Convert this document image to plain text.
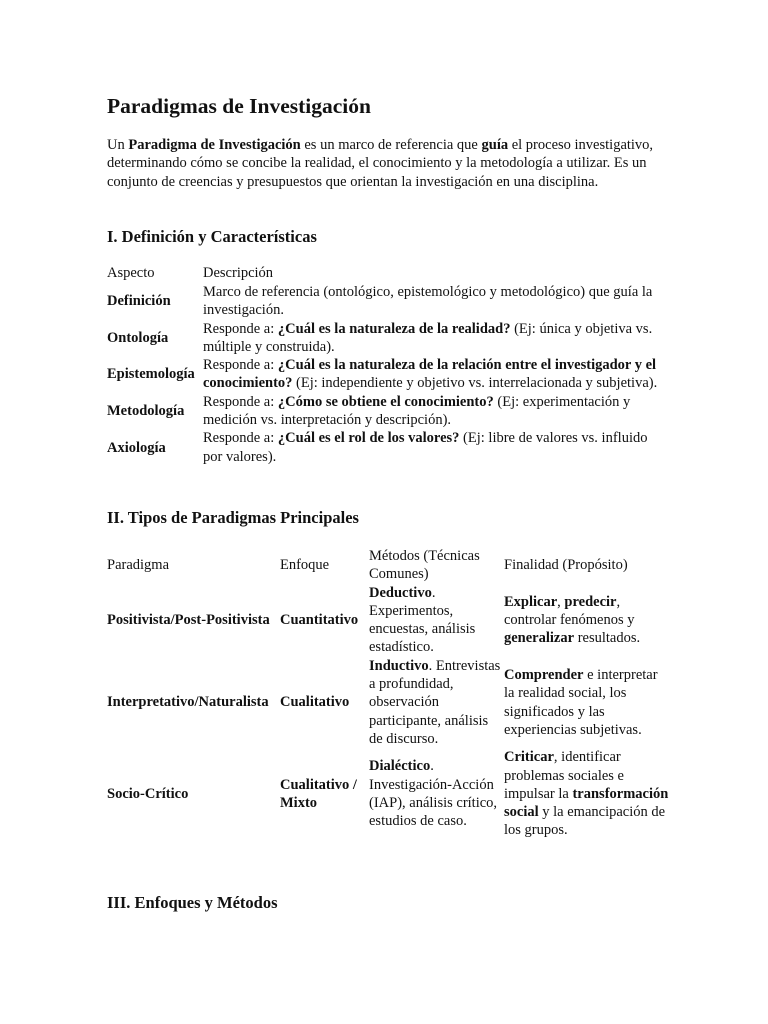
Paradigmas de Investigación

Un Paradigma de Investigación es un marco de referencia que guía el proceso investigativo, determinando cómo se concibe la realidad, el conocimiento y la metodología a utilizar. Es un conjunto de creencias y presupuestos que orientan la investigación en una disciplina.

I. Definición y Características
Aspecto	Descripción
Definición	Marco de referencia (ontológico, epistemológico y metodológico) que guía la investigación.
Ontología	Responde a: ¿Cuál es la naturaleza de la realidad? (Ej: única y objetiva vs. múltiple y construida).
Epistemología	Responde a: ¿Cuál es la naturaleza de la relación entre el investigador y el conocimiento? (Ej: independiente y objetivo vs. interrelacionada y subjetiva).
Metodología	Responde a: ¿Cómo se obtiene el conocimiento? (Ej: experimentación y medición vs. interpretación y descripción).
Axiología	Responde a: ¿Cuál es el rol de los valores? (Ej: libre de valores vs. influido por valores).
II. Tipos de Paradigmas Principales
Paradigma	Enfoque	Métodos (Técnicas Comunes)	Finalidad (Propósito)
Positivista/Post-Positivista	Cuantitativo	Deductivo. Experimentos, encuestas, análisis estadístico.	Explicar, predecir, controlar fenómenos y generalizar resultados.
Interpretativo/Naturalista	Cualitativo	Inductivo. Entrevistas a profundidad, observación participante, análisis de discurso.	Comprender e interpretar la realidad social, los significados y las experiencias subjetivas.
Socio-Crítico	Cualitativo / Mixto	Dialéctico. Investigación-Acción (IAP), análisis crítico, estudios de caso.	Criticar, identificar problemas sociales e impulsar la transformación social y la emancipación de los grupos.
III. Enfoques y Métodos
